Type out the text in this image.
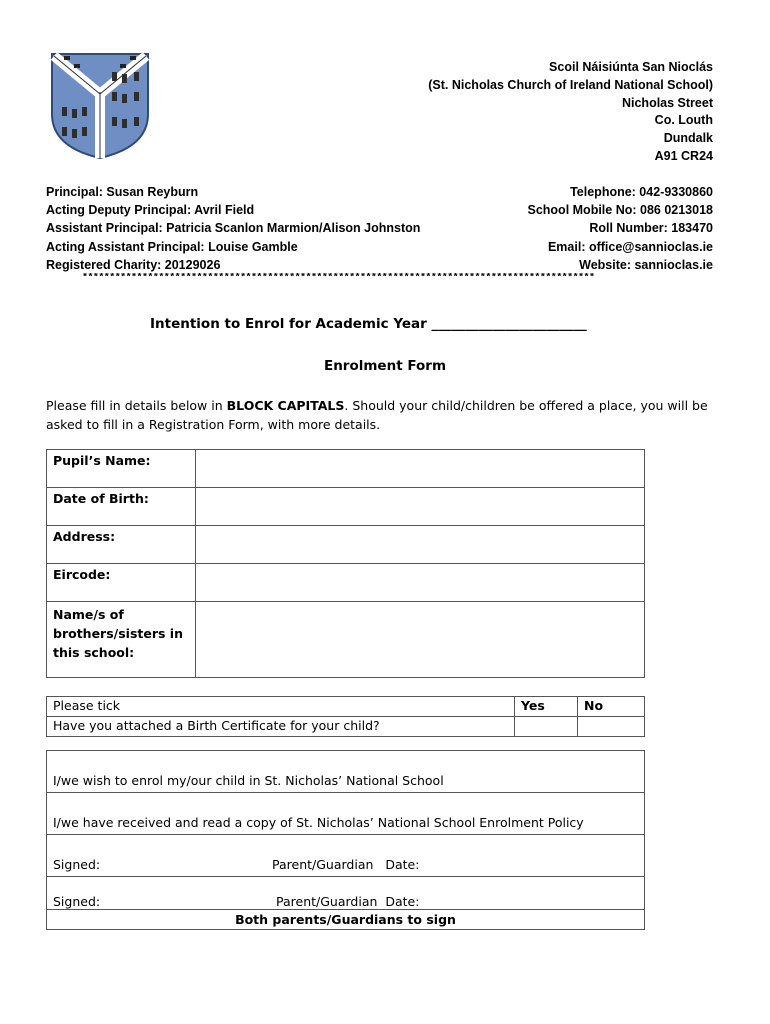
Scoil Náisiúnta San Nioclás
(St. Nicholas Church of Ireland National School)
Nicholas Street
Co. Louth
Dundalk
A91 CR24
Principal: Susan Reyburn
Acting Deputy Principal: Avril Field
Assistant Principal: Patricia Scanlon Marmion/Alison Johnston
Acting Assistant Principal: Louise Gamble
Registered Charity: 20129026
Telephone: 042-9330860
School Mobile No: 086 0213018
Roll Number: 183470
Email: office@sannioclas.ie
Website: sannioclas.ie
**********************************************************************************************
Intention to Enrol for Academic Year _______________________
Enrolment Form
Please fill in details below in BLOCK CAPITALS. Should your child/children be offered a place, you will be asked to fill in a Registration Form, with more details.
Pupil’s Name:	
Date of Birth:	
Address:	
Eircode:	
Name/s of brothers/sisters in this school:	
Please tick	Yes	No
Have you attached a Birth Certificate for your child?		
I/we wish to enrol my/our child in St. Nicholas’ National School
I/we have received and read a copy of St. Nicholas’ National School Enrolment Policy
Signed:	Parent/Guardian Date:
Signed:	Parent/Guardian Date:
Both parents/Guardians to sign
